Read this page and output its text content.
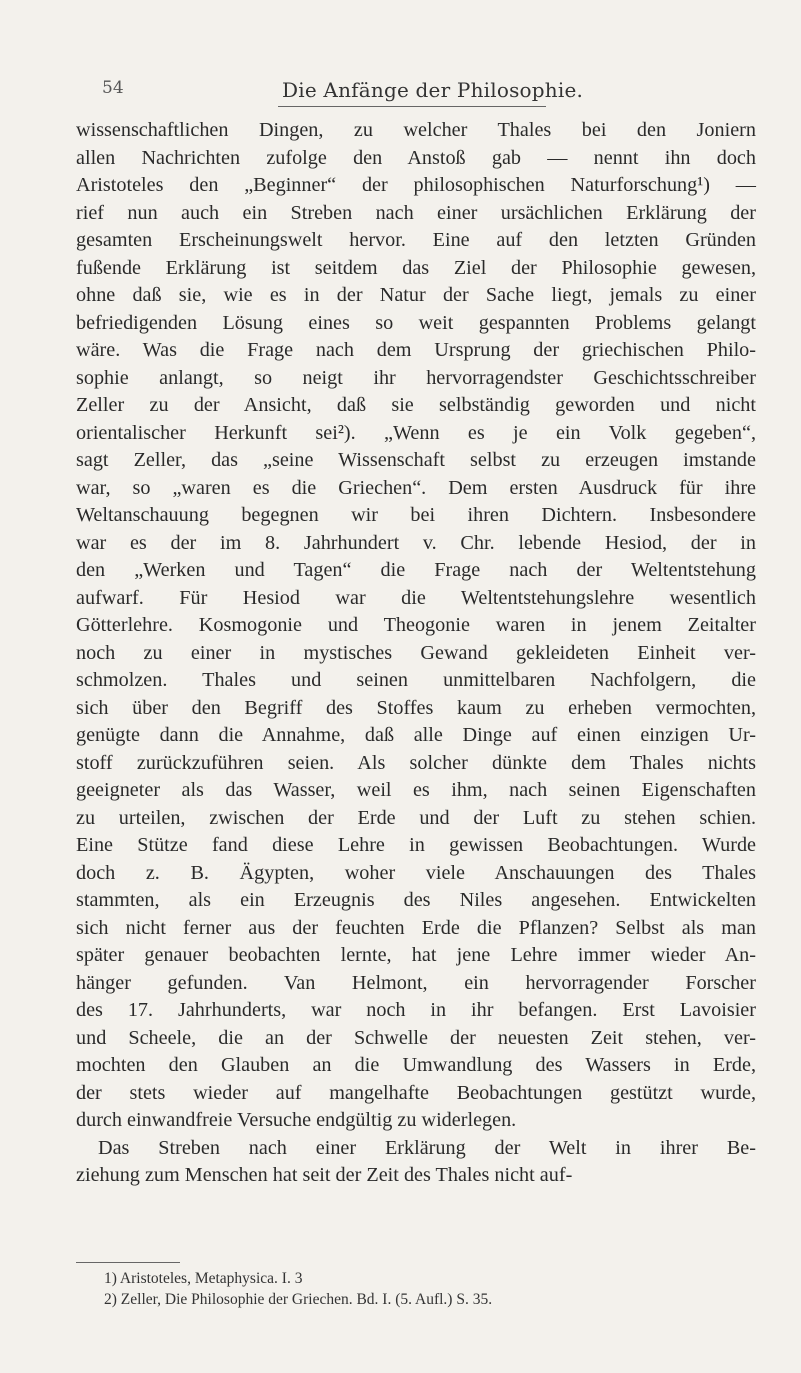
54	Die Anfänge der Philosophie.
wissenschaftlichen Dingen, zu welcher Thales bei den Joniern
allen Nachrichten zufolge den Anstoß gab — nennt ihn doch
Aristoteles den „Beginner“ der philosophischen Naturforschung¹) —
rief nun auch ein Streben nach einer ursächlichen Erklärung der
gesamten Erscheinungswelt hervor. Eine auf den letzten Gründen
fußende Erklärung ist seitdem das Ziel der Philosophie gewesen,
ohne daß sie, wie es in der Natur der Sache liegt, jemals zu einer
befriedigenden Lösung eines so weit gespannten Problems gelangt
wäre. Was die Frage nach dem Ursprung der griechischen Philo-
sophie anlangt, so neigt ihr hervorragendster Geschichtsschreiber
Zeller zu der Ansicht, daß sie selbständig geworden und nicht
orientalischer Herkunft sei²). „Wenn es je ein Volk gegeben“,
sagt Zeller, das „seine Wissenschaft selbst zu erzeugen imstande
war, so „waren es die Griechen“. Dem ersten Ausdruck für ihre
Weltanschauung begegnen wir bei ihren Dichtern. Insbesondere
war es der im 8. Jahrhundert v. Chr. lebende Hesiod, der in
den „Werken und Tagen“ die Frage nach der Weltentstehung
aufwarf. Für Hesiod war die Weltentstehungslehre wesentlich
Götterlehre. Kosmogonie und Theogonie waren in jenem Zeitalter
noch zu einer in mystisches Gewand gekleideten Einheit ver-
schmolzen. Thales und seinen unmittelbaren Nachfolgern, die
sich über den Begriff des Stoffes kaum zu erheben vermochten,
genügte dann die Annahme, daß alle Dinge auf einen einzigen Ur-
stoff zurückzuführen seien. Als solcher dünkte dem Thales nichts
geeigneter als das Wasser, weil es ihm, nach seinen Eigenschaften
zu urteilen, zwischen der Erde und der Luft zu stehen schien.
Eine Stütze fand diese Lehre in gewissen Beobachtungen. Wurde
doch z. B. Ägypten, woher viele Anschauungen des Thales
stammten, als ein Erzeugnis des Niles angesehen. Entwickelten
sich nicht ferner aus der feuchten Erde die Pflanzen? Selbst als man
später genauer beobachten lernte, hat jene Lehre immer wieder An-
hänger gefunden. Van Helmont, ein hervorragender Forscher
des 17. Jahrhunderts, war noch in ihr befangen. Erst Lavoisier
und Scheele, die an der Schwelle der neuesten Zeit stehen, ver-
mochten den Glauben an die Umwandlung des Wassers in Erde,
der stets wieder auf mangelhafte Beobachtungen gestützt wurde,
durch einwandfreie Versuche endgültig zu widerlegen.
Das Streben nach einer Erklärung der Welt in ihrer Be-
ziehung zum Menschen hat seit der Zeit des Thales nicht auf-
1) Aristoteles, Metaphysica. I. 3
2) Zeller, Die Philosophie der Griechen. Bd. I. (5. Aufl.) S. 35.
